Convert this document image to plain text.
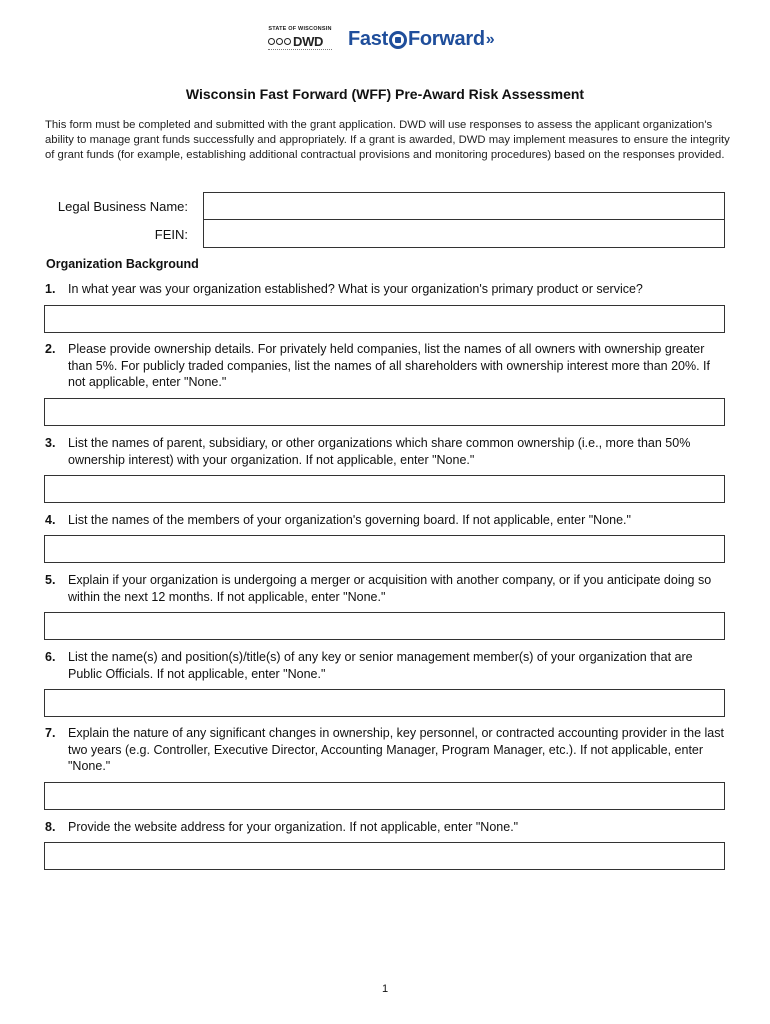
STATE OF WISCONSIN
DWD Fast Forward »
Wisconsin Fast Forward (WFF) Pre-Award Risk Assessment
This form must be completed and submitted with the grant application. DWD will use responses to assess the applicant organization's ability to manage grant funds successfully and appropriately. If a grant is awarded, DWD may implement measures to ensure the integrity of grant funds (for example, establishing additional contractual provisions and monitoring procedures) based on the responses provided.
Legal Business Name:
FEIN:
Organization Background
1.	In what year was your organization established? What is your organization's primary product or service?
2.	Please provide ownership details. For privately held companies, list the names of all owners with ownership greater than 5%. For publicly traded companies, list the names of all shareholders with ownership interest more than 20%. If not applicable, enter "None."
3.	List the names of parent, subsidiary, or other organizations which share common ownership (i.e., more than 50% ownership interest) with your organization. If not applicable, enter "None."
4.	List the names of the members of your organization's governing board. If not applicable, enter "None."
5.	Explain if your organization is undergoing a merger or acquisition with another company, or if you anticipate doing so within the next 12 months. If not applicable, enter "None."
6.	List the name(s) and position(s)/title(s) of any key or senior management member(s) of your organization that are Public Officials. If not applicable, enter "None."
7.	Explain the nature of any significant changes in ownership, key personnel, or contracted accounting provider in the last two years (e.g. Controller, Executive Director, Accounting Manager, Program Manager, etc.). If not applicable, enter "None."
8.	Provide the website address for your organization. If not applicable, enter "None."
1
